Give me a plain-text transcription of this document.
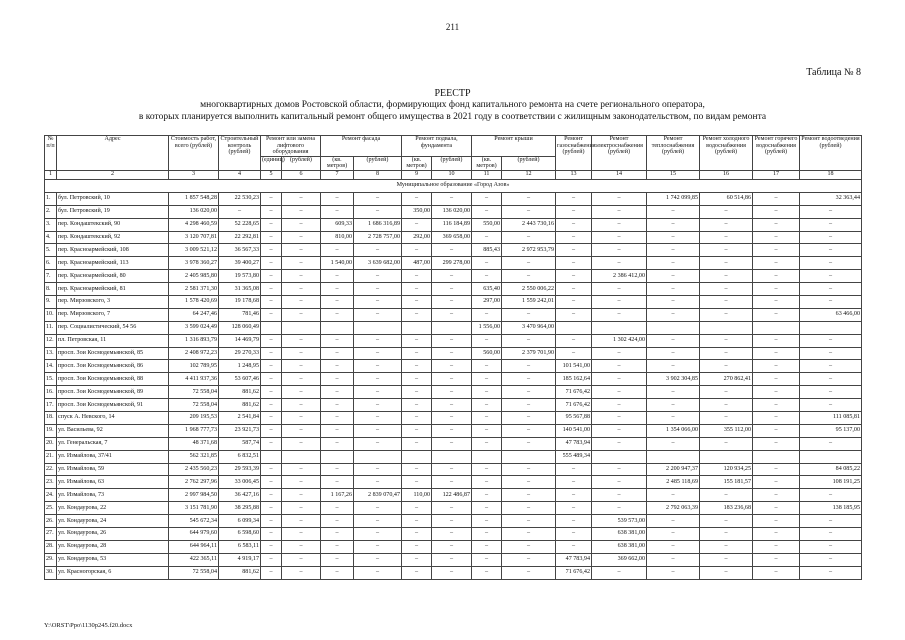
211
Таблица № 8
РЕЕСТР
многоквартирных домов Ростовской области, формирующих фонд капитального ремонта на счете регионального оператора,
в которых планируется выполнить капитальный ремонт общего имущества в 2021 году в соответствии с жилищным законодательством, по видам ремонта
№ п/п	Адрес	Стоимость работ, всего (рублей)	Строительный контроль (рублей)	Ремонт или замена лифтового оборудования		Ремонт фасада		Ремонт подвала, фундамента		Ремонт крыши		Ремонт газоснабжения (рублей)	Ремонт электроснабжения (рублей)	Ремонт теплоснабжения (рублей)	Ремонт холодного водоснабжения (рублей)	Ремонт горячего водоснабжения (рублей)	Ремонт водоотведения (рублей)
				(единиц)	(рублей)	(кв. метров)	(рублей)	(кв. метров)	(рублей)	(кв. метров)	(рублей)						
1	2	3	4	5	6	7	8	9	10	11	12	13	14	15	16	17	18
Муниципальное образование «Город Азов»																	
1.	бул. Петровский, 10	1 857 548,28	22 530,23	–	–	–	–	–	–	–	–	–	–	1 742 099,85	60 514,86	–	32 363,44
2.	бул. Петровский, 19	136 020,00	–	–	–	–	–	350,00	136 020,00	–	–	–	–	–	–	–	–
3.	пер. Кондаштекский, 90	4 298 460,59	52 228,65	–	–	609,33	1 686 316,89	–	116 184,89	550,00	2 443 730,16	–	–	–	–	–	–
4.	пер. Кондаштекский, 92	3 120 707,81	22 292,81	–	–	810,00	2 728 757,00	292,00	369 658,00	–	–	–	–	–	–	–	–
5.	пер. Красноармейский, 108	3 009 521,12	36 567,33	–	–	–	–	–	–	885,43	2 972 953,79	–	–	–	–	–	–
6.	пер. Красноармейский, 113	3 978 360,27	39 400,27	–	–	1 540,00	3 639 682,00	487,00	299 278,00	–	–	–	–	–	–	–	–
7.	пер. Красноармейский, 80	2 405 985,80	19 573,80	–	–	–	–	–	–	–	–	–	2 386 412,00	–	–	–	–
8.	пер. Красноармейский, 81	2 581 371,30	31 365,08	–	–	–	–	–	–	635,40	2 550 006,22	–	–	–	–	–	–
9.	пер. Мирзовского, 3	1 578 420,69	19 178,68	–	–	–	–	–	–	297,00	1 559 242,01	–	–	–	–	–	–
10.	пер. Мирзовского, 7	64 247,46	781,46	–	–	–	–	–	–	–	–	–	–	–	–	–	63 466,00
11.	пер. Социалистический, 54 56	3 599 024,49	128 060,49							1 556,00	3 470 964,00						
12.	пл. Петровская, 11	1 316 893,79	14 469,79	–	–	–	–	–	–	–	–	–	1 302 424,00	–	–	–	–
13.	просп. Зои Космодемьянской, 85	2 408 972,23	29 270,33	–	–	–	–	–	–	560,00	2 379 701,90	–	–	–	–	–	–
14.	просп. Зои Космодемьянской, 86	102 789,95	1 248,95	–	–	–	–	–	–	–	–	101 541,00	–	–	–	–	–
15.	просп. Зои Космодемьянской, 88	4 411 937,36	53 607,46	–	–	–	–	–	–	–	–	185 162,64	–	3 902 304,85	270 862,41	–	–
16.	просп. Зои Космодемьянской, 89	72 558,04	881,62	–	–	–	–	–	–	–	–	71 676,42	–	–	–	–	–
17.	просп. Зои Космодемьянской, 91	72 558,04	881,62	–	–	–	–	–	–	–	–	71 676,42	–	–	–	–	–
18.	спуск А. Невского, 14	209 195,53	2 541,84	–	–	–	–	–	–	–	–	95 567,88	–	–	–	–	111 085,81
19.	ул. Васильева, 92	1 968 777,73	23 921,73	–	–	–	–	–	–	–	–	140 541,00	–	1 354 066,00	355 112,00	–	95 137,00
20.	ул. Генеральская, 7	48 371,68	587,74	–	–	–	–	–	–	–	–	47 783,94	–	–	–	–	–
21.	ул. Измайлова, 37/41	562 321,85	6 832,51									555 489,34					
22.	ул. Измайлова, 59	2 435 560,23	29 593,39	–	–	–	–	–	–	–	–	–	–	2 200 947,37	120 934,25	–	84 085,22
23.	ул. Измайлова, 63	2 762 297,96	33 006,45	–	–	–	–	–	–	–	–	–	–	2 485 118,69	155 181,57	–	108 191,25
24.	ул. Измайлова, 73	2 997 984,50	36 427,16	–	–	1 167,26	2 839 070,47	110,00	122 486,87	–	–	–	–	–	–	–	–
25.	ул. Кондаурова, 22	3 151 781,90	38 295,88	–	–	–	–	–	–	–	–	–	–	2 792 063,39	183 236,68	–	138 185,95
26.	ул. Кондаурова, 24	545 672,34	6 099,34	–	–	–	–	–	–	–	–	–	539 573,00	–	–	–	–
27.	ул. Кондаурова, 26	644 979,60	6 598,60	–	–	–	–	–	–	–	–	–	638 381,00	–	–	–	–
28.	ул. Кондаурова, 28	644 964,11	6 583,11	–	–	–	–	–	–	–	–	–	638 381,00	–	–	–	–
29.	ул. Кондаурова, 53	422 365,11	4 919,17	–	–	–	–	–	–	–	–	47 783,94	369 662,00	–	–	–	–
30.	ул. Красногорская, 6	72 558,04	881,62	–	–	–	–	–	–	–	–	71 676,42	–	–	–	–	–
Y:\ORST\Ppo\1130p245.f20.docx
